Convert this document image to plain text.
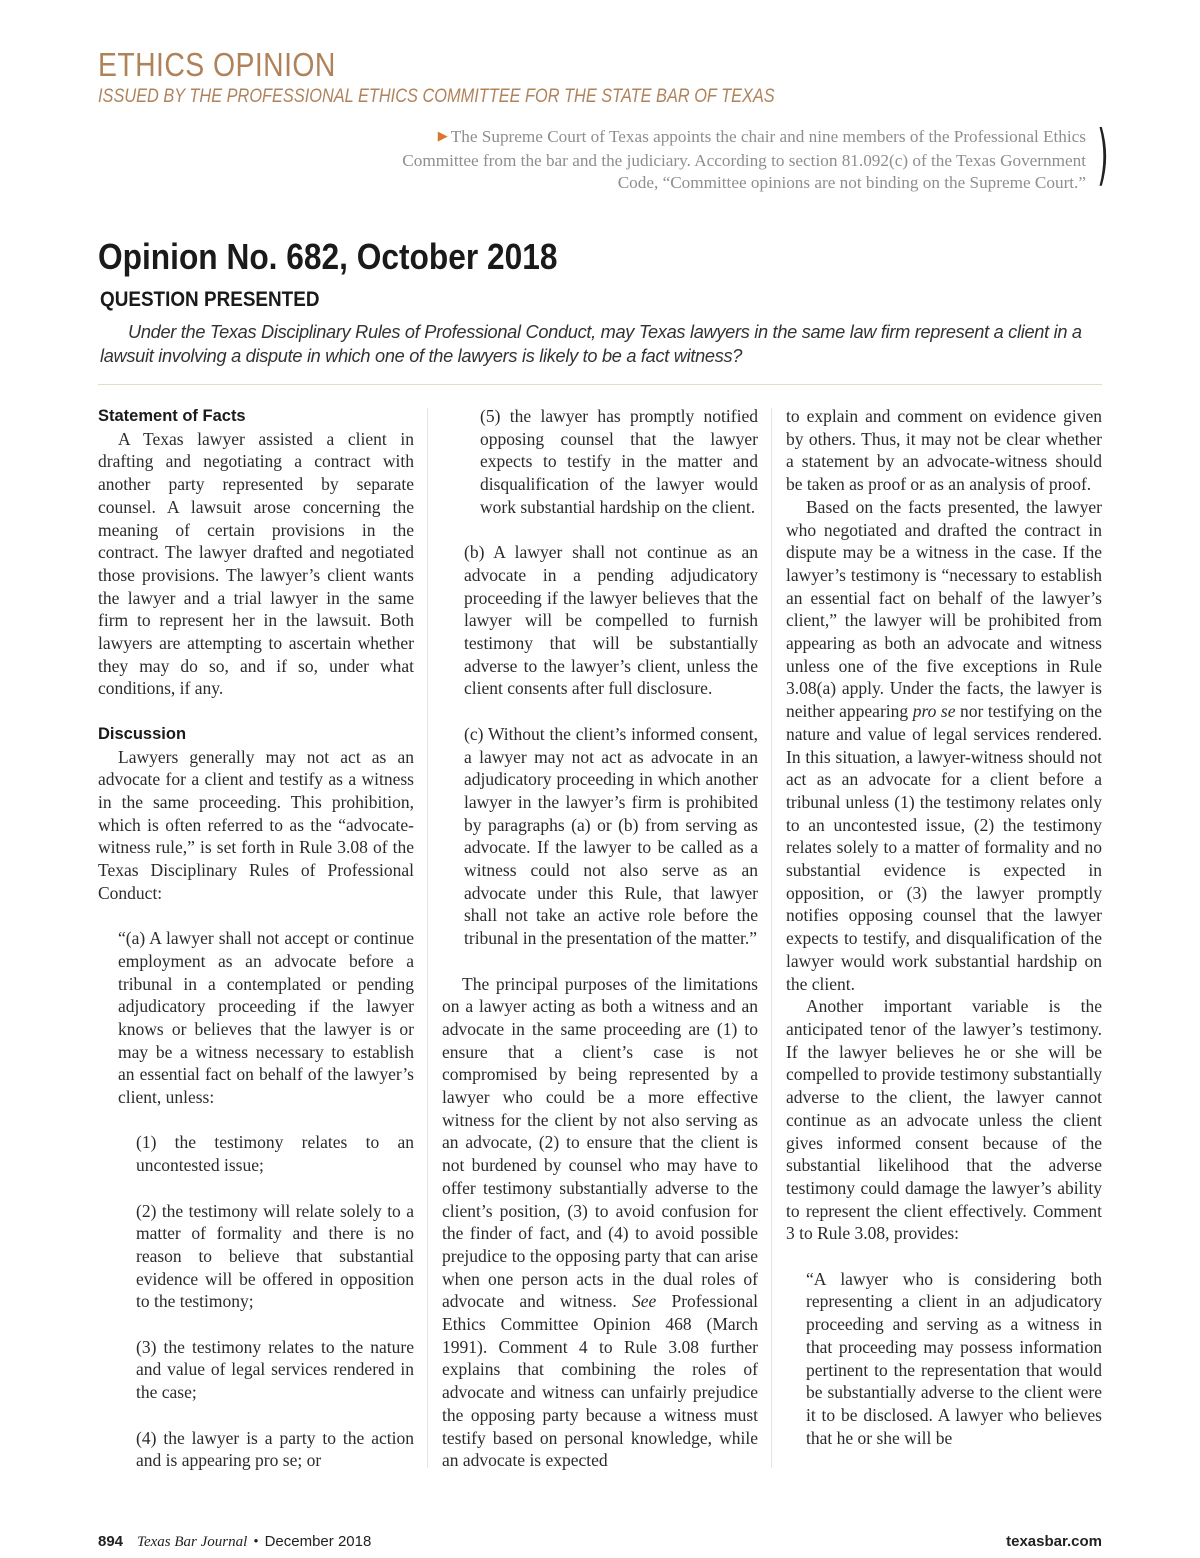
ETHICS OPINION
ISSUED BY THE PROFESSIONAL ETHICS COMMITTEE FOR THE STATE BAR OF TEXAS
▶ The Supreme Court of Texas appoints the chair and nine members of the Professional Ethics Committee from the bar and the judiciary. According to section 81.092(c) of the Texas Government Code, “Committee opinions are not binding on the Supreme Court.” )
Opinion No. 682, October 2018
QUESTION PRESENTED
Under the Texas Disciplinary Rules of Professional Conduct, may Texas lawyers in the same law firm represent a client in a lawsuit involving a dispute in which one of the lawyers is likely to be a fact witness?

Statement of Facts

A Texas lawyer assisted a client in drafting and negotiating a contract with another party represented by separate counsel. A lawsuit arose concerning the meaning of certain provisions in the contract. The lawyer drafted and negotiated those provisions. The lawyer’s client wants the lawyer and a trial lawyer in the same firm to represent her in the lawsuit. Both lawyers are attempting to ascertain whether they may do so, and if so, under what conditions, if any.

Discussion

Lawyers generally may not act as an advocate for a client and testify as a witness in the same proceeding. This prohibition, which is often referred to as the “advocate-witness rule,” is set forth in Rule 3.08 of the Texas Disciplinary Rules of Professional Conduct:

“(a) A lawyer shall not accept or continue employment as an advocate before a tribunal in a contemplated or pending adjudicatory proceeding if the lawyer knows or believes that the lawyer is or may be a witness necessary to establish an essential fact on behalf of the lawyer’s client, unless:

(1) the testimony relates to an uncontested issue;

(2) the testimony will relate solely to a matter of formality and there is no reason to believe that substantial evidence will be offered in opposition to the testimony;

(3) the testimony relates to the nature and value of legal services rendered in the case;

(4) the lawyer is a party to the action and is appearing pro se; or

(5) the lawyer has promptly notified opposing counsel that the lawyer expects to testify in the matter and disqualification of the lawyer would work substantial hardship on the client.

(b) A lawyer shall not continue as an advocate in a pending adjudicatory proceeding if the lawyer believes that the lawyer will be compelled to furnish testimony that will be substantially adverse to the lawyer’s client, unless the client consents after full disclosure.

(c) Without the client’s informed consent, a lawyer may not act as advocate in an adjudicatory proceeding in which another lawyer in the lawyer’s firm is prohibited by paragraphs (a) or (b) from serving as advocate. If the lawyer to be called as a witness could not also serve as an advocate under this Rule, that lawyer shall not take an active role before the tribunal in the presentation of the matter.”

The principal purposes of the limitations on a lawyer acting as both a witness and an advocate in the same proceeding are (1) to ensure that a client’s case is not compromised by being represented by a lawyer who could be a more effective witness for the client by not also serving as an advocate, (2) to ensure that the client is not burdened by counsel who may have to offer testimony substantially adverse to the client’s position, (3) to avoid confusion for the finder of fact, and (4) to avoid possible prejudice to the opposing party that can arise when one person acts in the dual roles of advocate and witness. See Professional Ethics Committee Opinion 468 (March 1991). Comment 4 to Rule 3.08 further explains that combining the roles of advocate and witness can unfairly prejudice the opposing party because a witness must testify based on personal knowledge, while an advocate is expected

to explain and comment on evidence given by others. Thus, it may not be clear whether a statement by an advocate-witness should be taken as proof or as an analysis of proof.

Based on the facts presented, the lawyer who negotiated and drafted the contract in dispute may be a witness in the case. If the lawyer’s testimony is “necessary to establish an essential fact on behalf of the lawyer’s client,” the lawyer will be prohibited from appearing as both an advocate and witness unless one of the five exceptions in Rule 3.08(a) apply. Under the facts, the lawyer is neither appearing pro se nor testifying on the nature and value of legal services rendered. In this situation, a lawyer-witness should not act as an advocate for a client before a tribunal unless (1) the testimony relates only to an uncontested issue, (2) the testimony relates solely to a matter of formality and no substantial evidence is expected in opposition, or (3) the lawyer promptly notifies opposing counsel that the lawyer expects to testify, and disqualification of the lawyer would work substantial hardship on the client.

Another important variable is the anticipated tenor of the lawyer’s testimony. If the lawyer believes he or she will be compelled to provide testimony substantially adverse to the client, the lawyer cannot continue as an advocate unless the client gives informed consent because of the substantial likelihood that the adverse testimony could damage the lawyer’s ability to represent the client effectively. Comment 3 to Rule 3.08, provides:

“A lawyer who is considering both representing a client in an adjudicatory proceeding and serving as a witness in that proceeding may possess information pertinent to the representation that would be substantially adverse to the client were it to be disclosed. A lawyer who believes that he or she will be

894 Texas Bar Journal • December 2018	texasbar.com
